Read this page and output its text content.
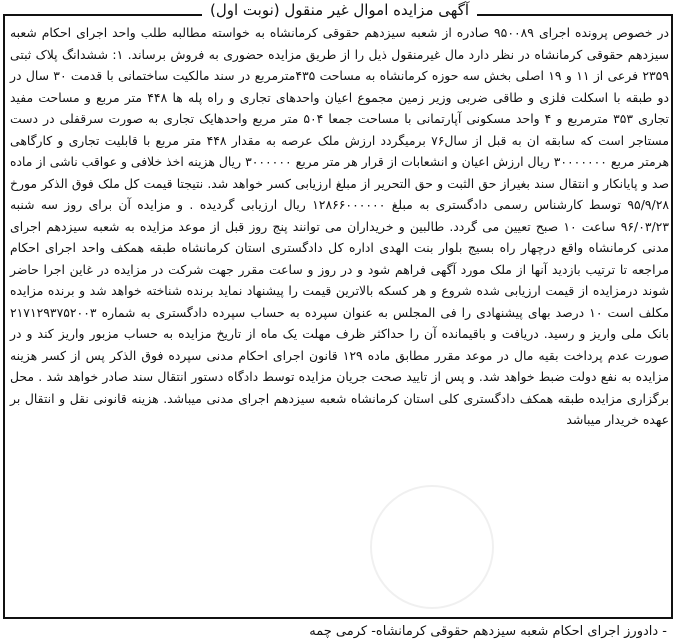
آگهی مزایده اموال غیر منقول (نوبت اول)

در خصوص پرونده اجرای ۹۵۰۰۸۹ صادره از شعبه سیزدهم حقوقی کرمانشاه به خواسته مطالبه طلب واحد اجرای احکام شعبه سیزدهم حقوقی کرمانشاه در نظر دارد مال غیرمنقول ذیل را از طریق مزایده حضوری به فروش برساند. ۱: ششدانگ پلاک ثبتی ۲۳۵۹ فرعی از ۱۱ و ۱۹ اصلی بخش سه حوزه کرمانشاه به مساحت ۴۳۵مترمربع در سند مالکیت ساختمانی با قدمت ۳۰ سال در دو طبقه با اسکلت فلزی و طاقی ضربی وزیر زمین مجموع اعیان واحدهای تجاری و راه پله ها ۴۴۸ متر مربع و مساحت مفید تجاری ۳۵۳ مترمربع و ۴ واحد مسکونی آپارتمانی با مساحت جمعا ۵۰۴ متر مربع واحدهایک تجاری به صورت سرقفلی در دست مستاجر است که سابقه ان به قبل از سال۷۶ برمیگردد ارزش ملک عرصه به مقدار ۴۴۸ متر مربع با قابلیت تجاری و کارگاهی هرمتر مربع ۳۰۰۰۰۰۰۰ ریال ارزش اعیان و انشعابات از قرار هر متر مربع ۳۰۰۰۰۰۰ ریال هزینه اخذ خلافی و عواقب ناشی از ماده صد و پایانکار و انتقال سند بغیراز حق الثبت و حق التحریر از مبلغ ارزیابی کسر خواهد شد. نتیجتا قیمت کل ملک فوق الذکر مورخ ۹۵/۹/۲۸ توسط کارشناس رسمی دادگستری به مبلغ ۱۲۸۶۶۰۰۰۰۰۰ ریال ارزیابی گردیده . و مزایده آن برای روز سه شنبه ۹۶/۰۳/۲۳ ساعت ۱۰ صبح تعیین می گردد. طالبین و خریداران می توانند پنج روز قبل از موعد مزایده به شعبه سیزدهم اجرای مدنی کرمانشاه واقع درچهار راه بسیج بلوار بنت الهدی اداره کل دادگستری استان کرمانشاه طبقه همکف واحد اجرای احکام مراجعه تا ترتیب بازدید آنها از ملک مورد آگهی فراهم شود و در روز و ساعت مقرر جهت شرکت در مزایده در غاین اجرا حاضر شوند درمزایده از قیمت ارزیابی شده شروع و هر کسکه بالاترین قیمت را پیشنهاد نماید برنده شناخته خواهد شد و برنده مزایده مکلف است ۱۰ درصد بهای پیشنهادی را فی المجلس به عنوان سپرده به حساب سپرده دادگستری به شماره ۲۱۷۱۲۹۳۷۵۲۰۰۳ بانک ملی واریز و رسید. دریافت و باقیمانده آن را حداکثر ظرف مهلت یک ماه از تاریخ مزایده به حساب مزبور واریز کند و در صورت عدم پرداخت بقیه مال در موعد مقرر مطابق ماده ۱۲۹ قانون اجرای احکام مدنی سپرده فوق الذکر پس از کسر هزینه مزایده به نفع دولت ضبط خواهد شد. و پس از تایید صحت جریان مزایده توسط دادگاه دستور انتقال سند صادر خواهد شد . محل برگزاری مزایده طبقه همکف دادگستری کلی استان کرمانشاه شعبه سیزدهم اجرای مدنی میباشد. هزینه قانونی نقل و انتقال بر عهده خریدار میباشد

- دادورز اجرای احکام شعبه سیزدهم حقوقی کرمانشاه- کرمی چمه
